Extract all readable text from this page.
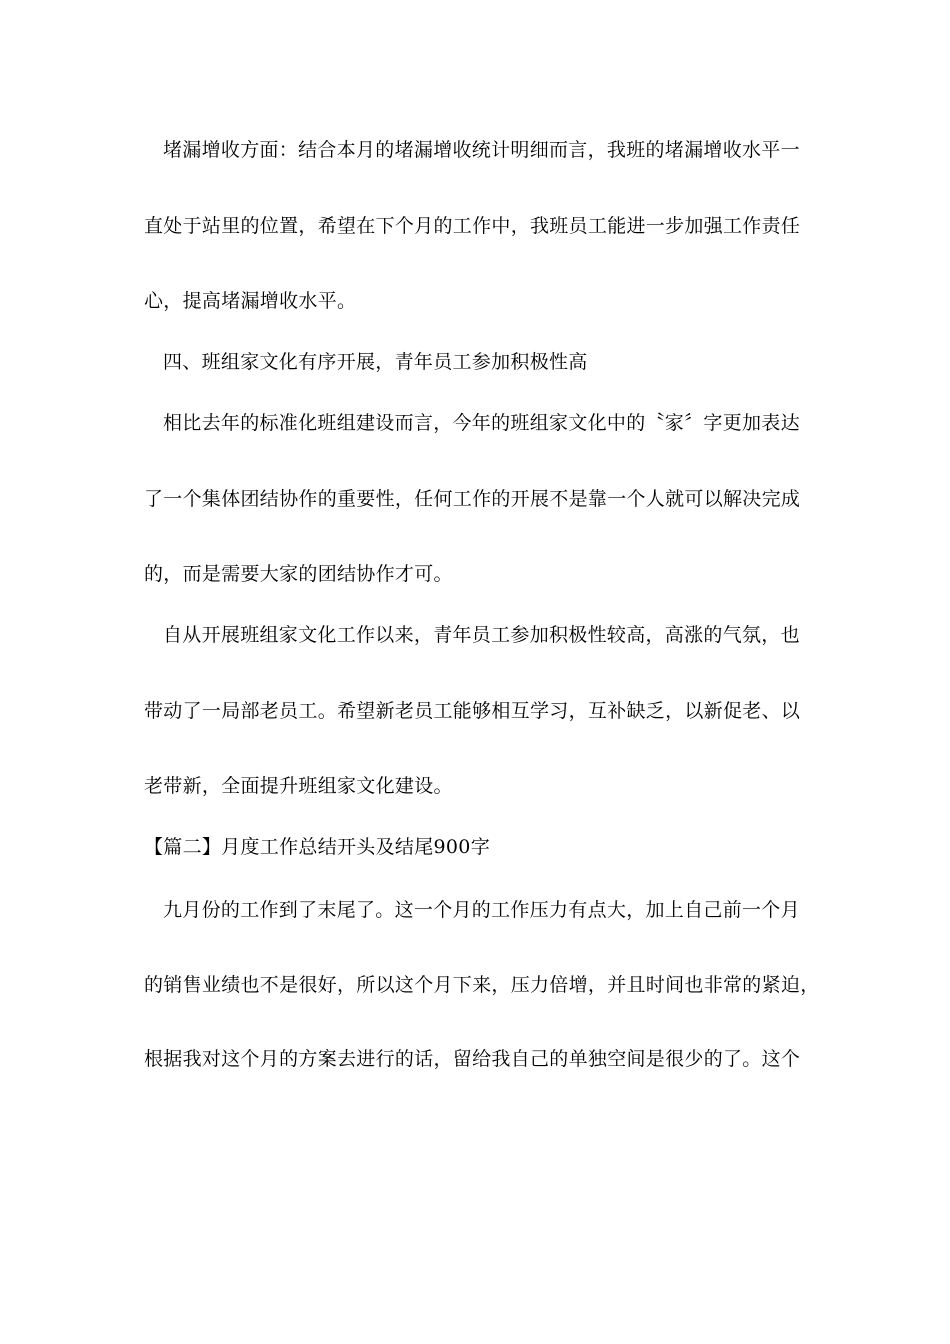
堵漏增收方面：结合本月的堵漏增收统计明细而言，我班的堵漏增收水平一
直处于站里的位置，希望在下个月的工作中，我班员工能进一步加强工作责任
心，提高堵漏增收水平。
四、班组家文化有序开展，青年员工参加积极性高
相比去年的标准化班组建设而言，今年的班组家文化中的〝家〞字更加表达
了一个集体团结协作的重要性，任何工作的开展不是靠一个人就可以解决完成
的，而是需要大家的团结协作才可。
自从开展班组家文化工作以来，青年员工参加积极性较高，高涨的气氛，也
带动了一局部老员工。希望新老员工能够相互学习，互补缺乏，以新促老、以
老带新，全面提升班组家文化建设。
【篇二】月度工作总结开头及结尾900字
九月份的工作到了末尾了。这一个月的工作压力有点大，加上自己前一个月
的销售业绩也不是很好，所以这个月下来，压力倍增，并且时间也非常的紧迫，
根据我对这个月的方案去进行的话，留给我自己的单独空间是很少的了。这个
